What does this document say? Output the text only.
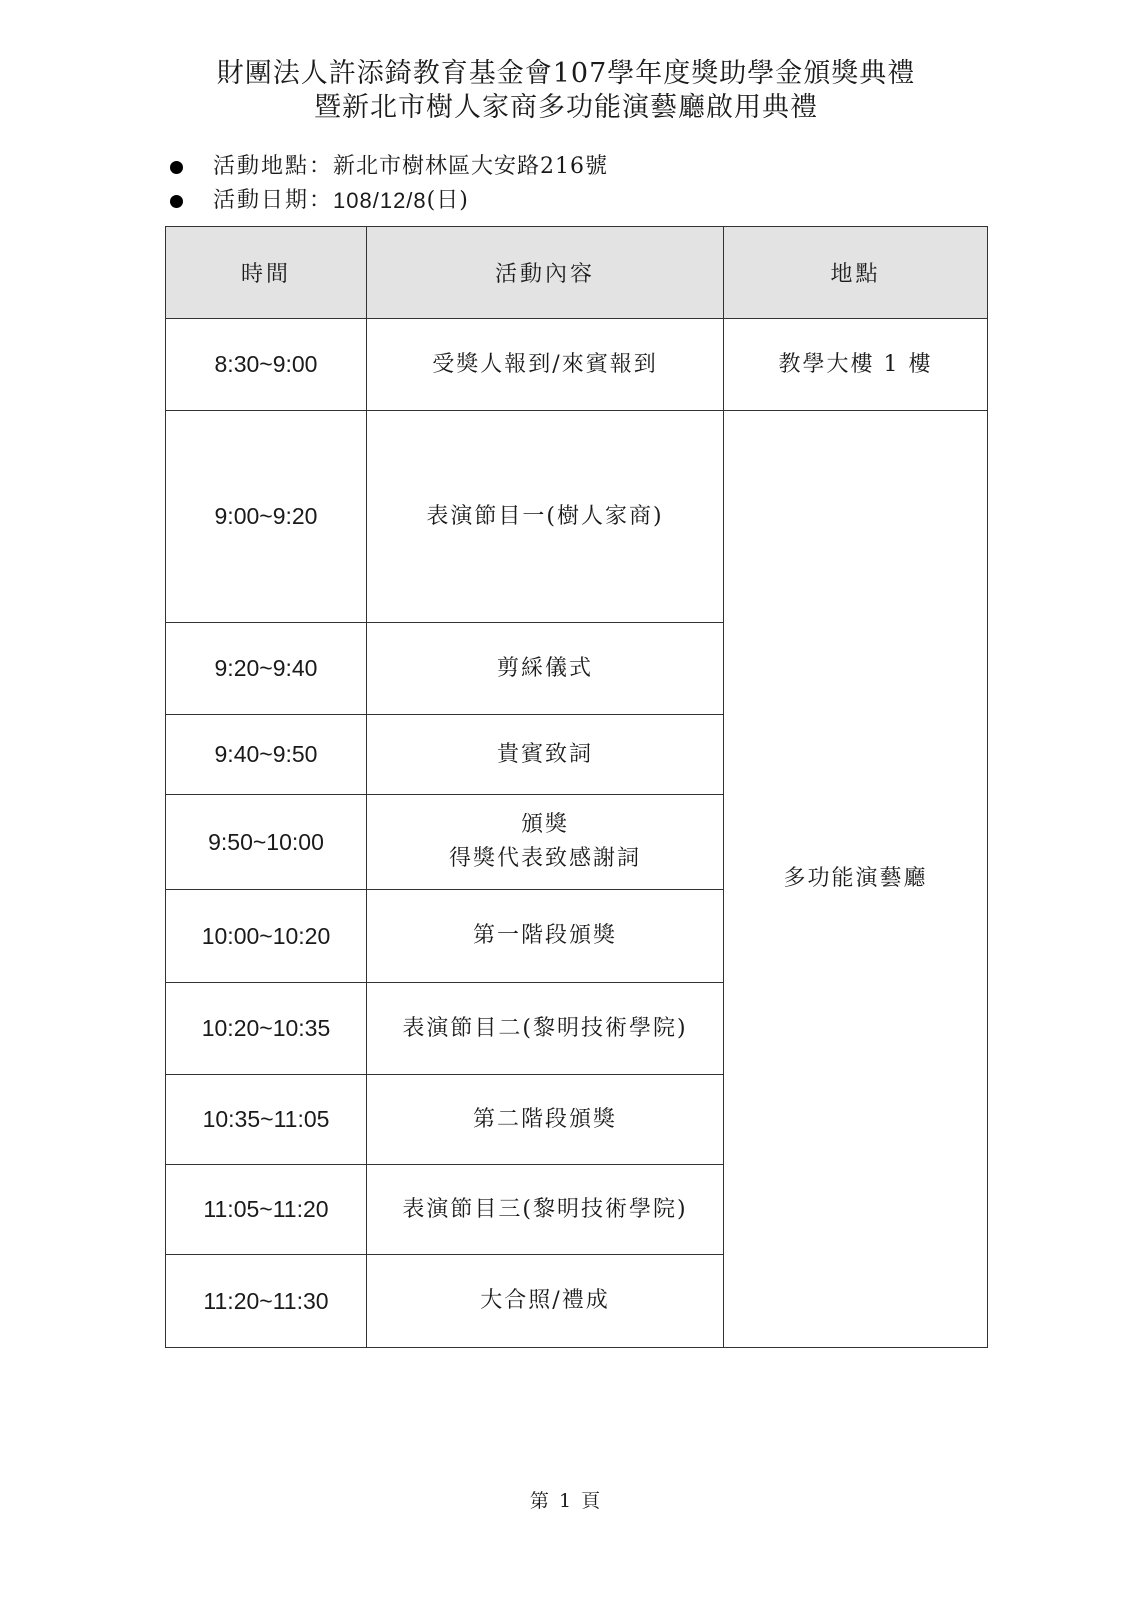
財團法人許添錡教育基金會107學年度獎助學金頒獎典禮
暨新北市樹人家商多功能演藝廳啟用典禮
活動地點： 新北市樹林區大安路216號
活動日期： 108/12/8 (日)
時間	活動內容	地點
8:30~9:00	受獎人報到/來賓報到	教學大樓 1 樓
9:00~9:20	表演節目一(樹人家商)	多功能演藝廳
9:20~9:40	剪綵儀式	

9:40~9:50	貴賓致詞	

9:50~10:00	頒獎
得獎代表致感謝詞	

10:00~10:20	第一階段頒獎	

10:20~10:35	表演節目二(黎明技術學院)	

10:35~11:05	第二階段頒獎	

11:05~11:20	表演節目三(黎明技術學院)	

11:20~11:30	大合照/禮成	
第 1 頁
